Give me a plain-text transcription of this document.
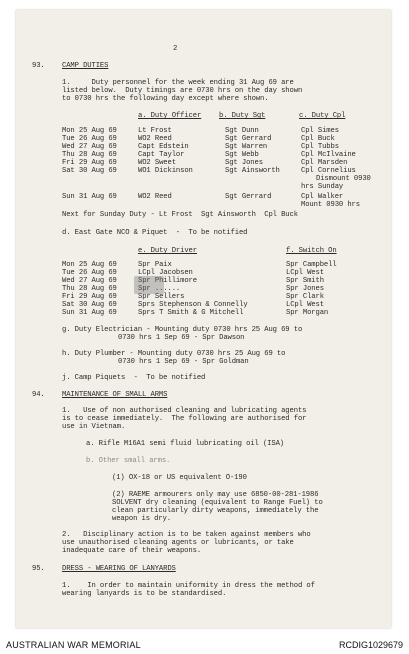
2
93. CAMP DUTIES
1.     Duty personnel for the week ending 31 Aug 69 are
listed below.  Duty timings are 0730 hrs on the day shown
to 0730 hrs the following day except where shown.
a. Duty Officer b. Duty Sgt	c. Duty Cpl
Mon 25 Aug 69	Lt Frost	Sgt Dunn	Cpl Simes
Tue 26 Aug 69	WO2 Reed	Sgt Gerrard	Cpl Buck
Wed 27 Aug 69	Capt Edstein	Sgt Warren	Cpl Tubbs
Thu 28 Aug 69	Capt Taylor	Sgt Webb	Cpl McIlvaine
Fri 29 Aug 69	WO2 Sweet	Sgt Jones	Cpl Marsden
Sat 30 Aug 69	WO1 Dickinson	Sgt Ainsworth	Cpl Cornelius
Dismount 0930
hrs Sunday
Sun 31 Aug 69	WO2 Reed	Sgt Gerrard	Cpl Walker
Mount 0930 hrs
Next for Sunday Duty - Lt Frost  Sgt Ainsworth  Cpl Buck
d. East Gate NCO & Piquet  -  To be notified
e. Duty Driver	f. Switch On
Mon 25 Aug 69	Spr Paix	Spr Campbell
Tue 26 Aug 69	LCpl Jacobsen	LCpl West
Wed 27 Aug 69	Spr Phillimore	Spr Smith
Thu 28 Aug 69	Spr ......	Spr Jones
Fri 29 Aug 69	Spr Sellers	Spr Clark
Sat 30 Aug 69	Sprs Stephenson & Connelly	LCpl West
Sun 31 Aug 69	Sprs T Smith & G Mitchell	Spr Morgan
g. Duty Electrician - Mounting duty 0730 hrs 25 Aug 69 to
0730 hrs 1 Sep 69 - Spr Dawson
h. Duty Plumber - Mounting duty 0730 hrs 25 Aug 69 to
0730 hrs 1 Sep 69 - Spr Goldman
j. Camp Piquets  -  To be notified
94. MAINTENANCE OF SMALL ARMS
1.   Use of non authorised cleaning and lubricating agents
is to cease immediately.  The following are authorised for
use in Vietnam.
a. Rifle M16A1 semi fluid lubricating oil (ISA)
b. Other small arms.
(1) OX-18 or US equivalent O-190
(2) RAEME armourers only may use 6850-00-281-1986
SOLVENT dry cleaning (equivalent to Range Fuel) to
clean particularly dirty weapons, immediately the
weapon is dry.
2.   Disciplinary action is to be taken against members who
use unauthorised cleaning agents or lubricants, or take
inadequate care of their weapons.
95. DRESS - WEARING OF LANYARDS
1.    In order to maintain uniformity in dress the method of
wearing lanyards is to be standardised.
AUSTRALIAN WAR MEMORIAL	RCDIG1029679
